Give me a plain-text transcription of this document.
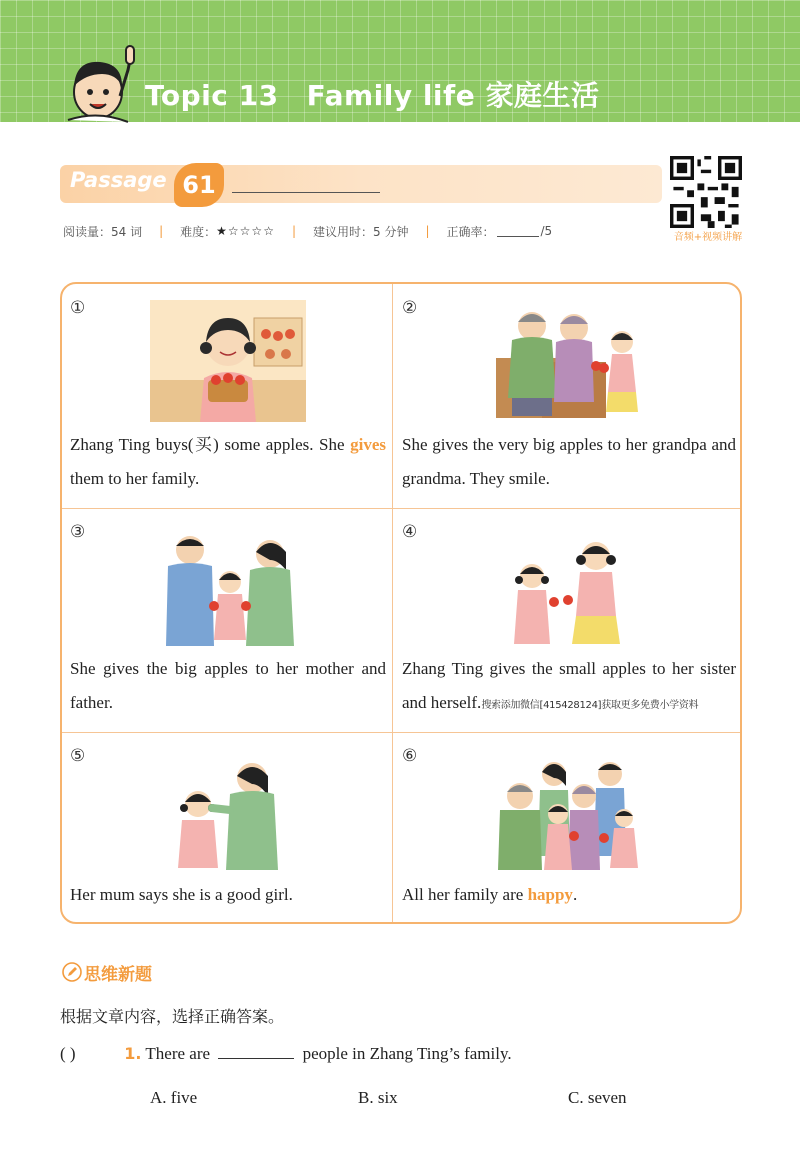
Topic 13 Family life 家庭生活
Passage 61
音频+视频讲解
阅读量：54 词 | 难度： ★☆☆☆☆ | 建议用时：5 分钟 | 正确率：	/5
①
Zhang Ting buys(买) some apples. She gives them to her family.
②
She gives the very big apples to her grandpa and grandma. They smile.
③
She gives the big apples to her mother and father.
④
Zhang Ting gives the small apples to her sister and herself.搜索添加微信[415428124]获取更多免费小学资料
⑤
Her mum says she is a good girl.
⑥
All her family are happy.
思维新题
根据文章内容，选择正确答案。
( )	1. There are	people in Zhang Ting’s family.
A. five	B. six	C. seven
